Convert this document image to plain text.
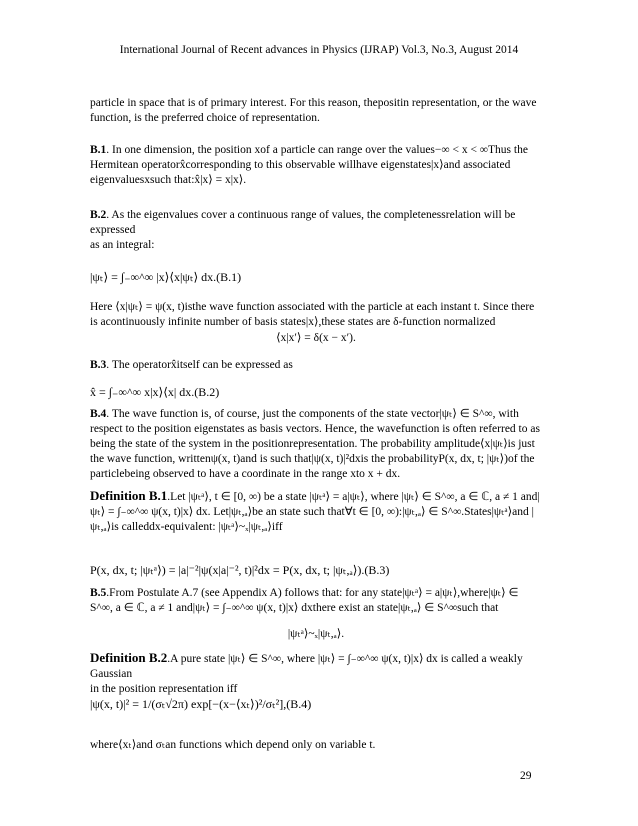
International Journal of Recent advances in Physics (IJRAP) Vol.3, No.3, August 2014

particle in space that is of primary interest. For this reason, thepositin representation, or the wave function, is the preferred choice of representation.

B.1. In one dimension, the position xof a particle can range over the values−∞ < x < ∞Thus the Hermitean operatorx̂corresponding to this observable willhave eigenstates|x⟩and associated eigenvaluesxsuch that:x̂|x⟩ = x|x⟩.

B.2. As the eigenvalues cover a continuous range of values, the completenessrelation will be expressed

as an integral:

|ψₜ⟩ = ∫₋∞^∞ |x⟩⟨x|ψₜ⟩ dx.(B.1)

Here ⟨x|ψₜ⟩ = ψ(x, t)isthe wave function associated with the particle at each instant t. Since there is acontinuously infinite number of basis states|x⟩,these states are δ-function normalized

⟨x|x′⟩ = δ(x − x′).

B.3. The operatorx̂itself can be expressed as

x̂ = ∫₋∞^∞ x|x⟩⟨x| dx.(B.2)

B.4. The wave function is, of course, just the components of the state vector|ψₜ⟩ ∈ S^∞, with respect to the position eigenstates as basis vectors. Hence, the wavefunction is often referred to as being the state of the system in the positionrepresentation. The probability amplitude⟨x|ψₜ⟩is just the wave function, writtenψ(x, t)and is such that|ψ(x, t)|²dxis the probabilityP(x, dx, t; |ψₜ⟩)of the particlebeing observed to have a coordinate in the range xto x + dx.

Definition B.1.Let |ψₜᵃ⟩, t ∈ [0, ∞) be a state |ψₜᵃ⟩ = a|ψₜ⟩, where |ψₜ⟩ ∈ S^∞, a ∈ ℂ, a ≠ 1 and|ψₜ⟩ = ∫₋∞^∞ ψ(x, t)|x⟩ dx. Let|ψₜ,ₐ⟩be an state such that∀t ∈ [0, ∞):|ψₜ,ₐ⟩ ∈ S^∞.States|ψₜᵃ⟩and |ψₜ,ₐ⟩is calleddx-equivalent: |ψₜᵃ⟩~ₓ|ψₜ,ₐ⟩iff

P(x, dx, t; |ψₜᵃ⟩) = |a|⁻²|ψ(x|a|⁻², t)|²dx = P(x, dx, t; |ψₜ,ₐ⟩).(B.3)

B.5.From Postulate A.7 (see Appendix A) follows that: for any state|ψₜᵃ⟩ = a|ψₜ⟩,where|ψₜ⟩ ∈ S^∞, a ∈ ℂ, a ≠ 1 and|ψₜ⟩ = ∫₋∞^∞ ψ(x, t)|x⟩ dxthere exist an state|ψₜ,ₐ⟩ ∈ S^∞such that

|ψₜᵃ⟩~ₓ|ψₜ,ₐ⟩.

Definition B.2.A pure state |ψₜ⟩ ∈ S^∞, where |ψₜ⟩ = ∫₋∞^∞ ψ(x, t)|x⟩ dx is called a weakly Gaussian

in the position representation iff

|ψ(x, t)|² = 1/(σₜ√2π) exp[−(x−⟨xₜ⟩)²/σₜ²],(B.4)

where⟨xₜ⟩and σₜan functions which depend only on variable t.

29
